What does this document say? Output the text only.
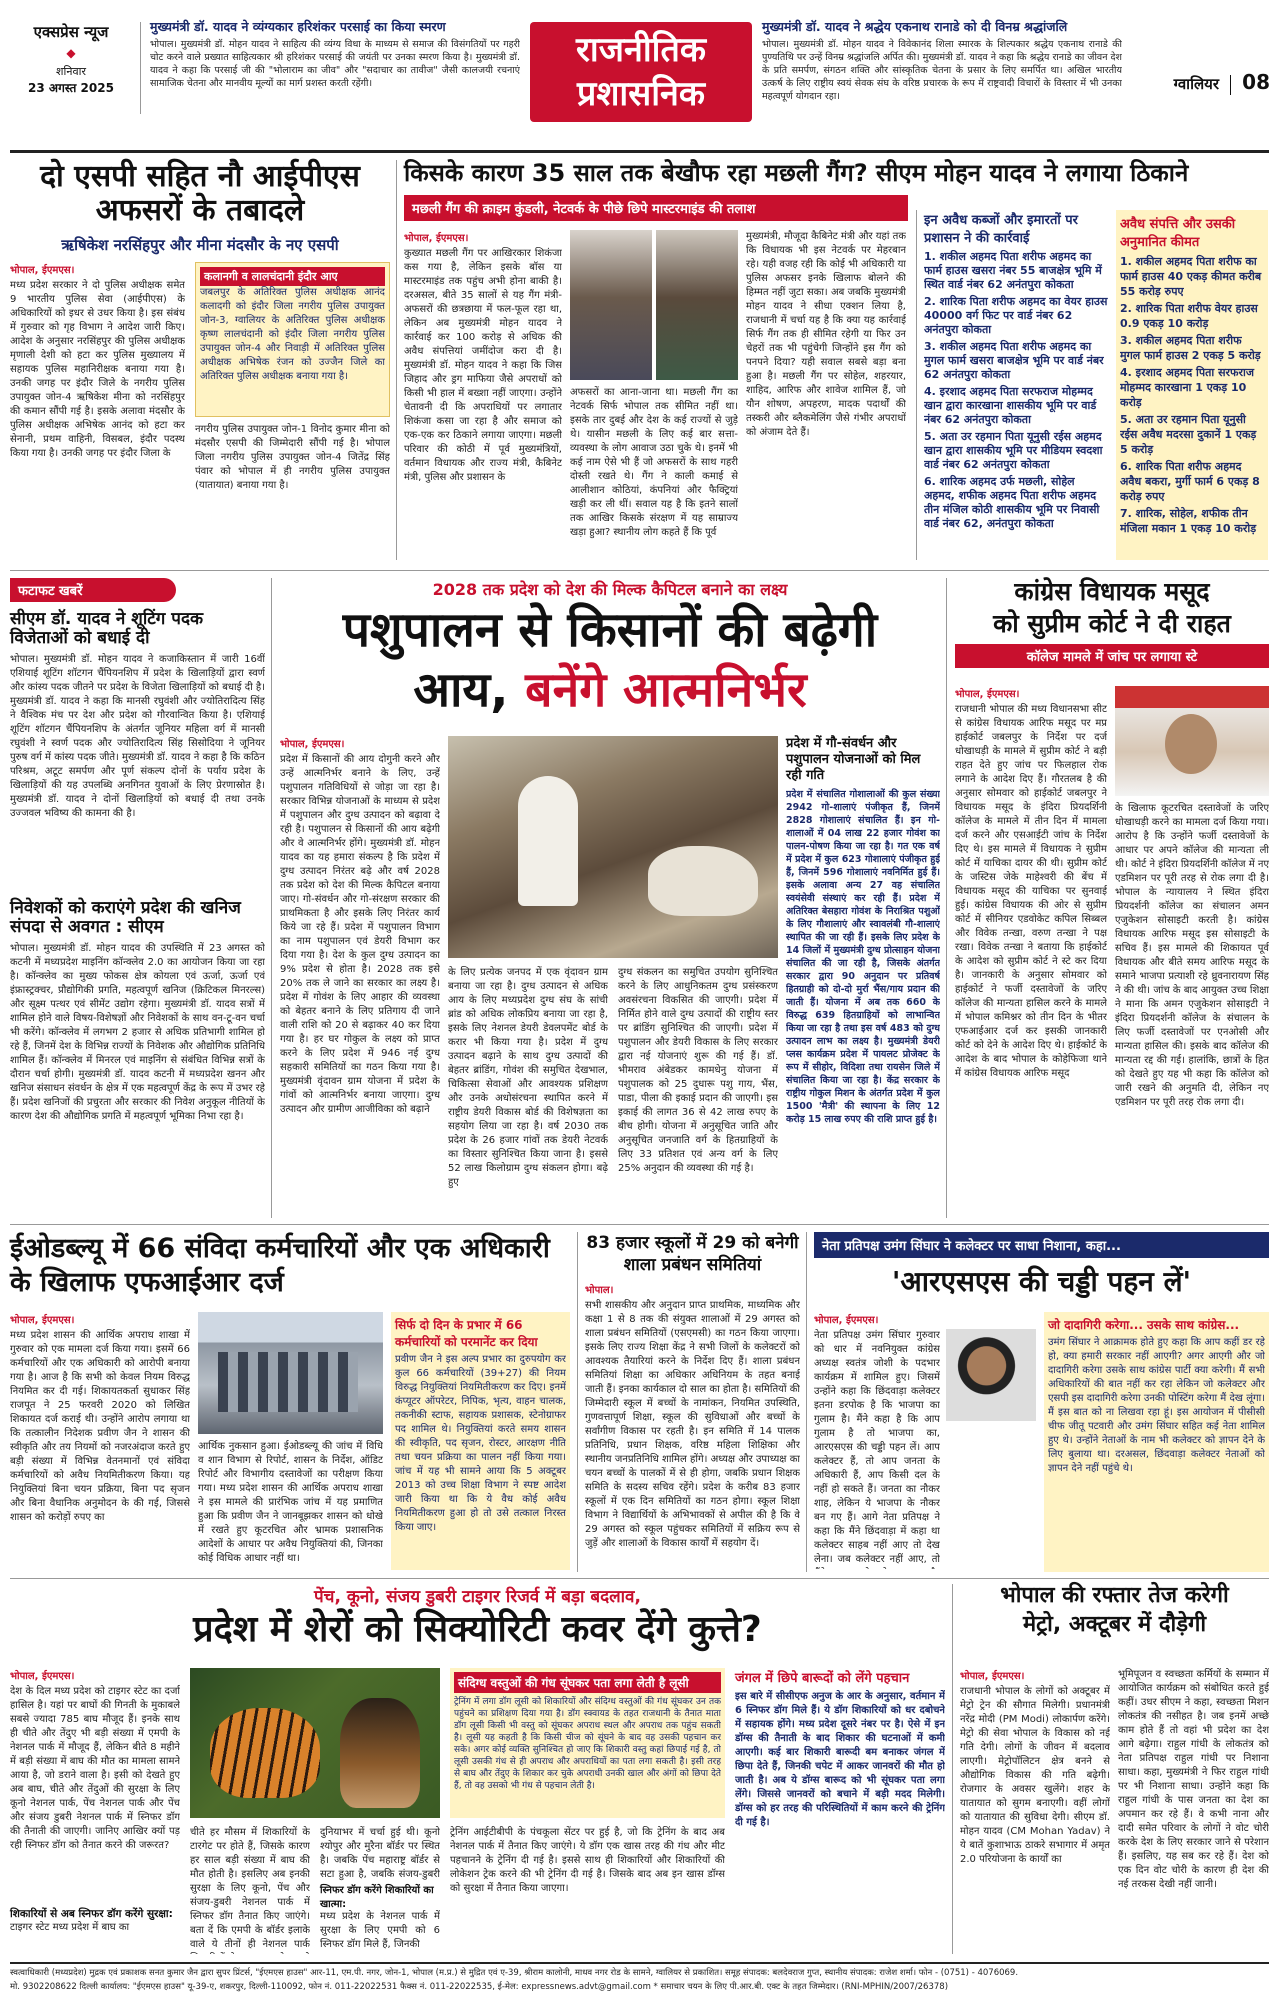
एक्सप्रेस न्यूज
◆
शनिवार
23 अगस्त 2025
मुख्यमंत्री डॉ. यादव ने व्यंग्यकार हरिशंकर परसाई का किया स्मरण
भोपाल। मुख्यमंत्री डॉ. मोहन यादव ने साहित्य की व्यंग्य विधा के माध्यम से समाज की विसंगतियों पर गहरी चोट करने वाले प्रख्यात साहित्यकार श्री हरिशंकर परसाई की जयंती पर उनका स्मरण किया है। मुख्यमंत्री डॉ. यादव ने कहा कि परसाई जी की "भोलाराम का जीव" और "सदाचार का तावीज" जैसी कालजयी रचनाएं सामाजिक चेतना और मानवीय मूल्यों का मार्ग प्रशस्त करती रहेंगी।
राजनीतिक
प्रशासनिक
मुख्यमंत्री डॉ. यादव ने श्रद्धेय एकनाथ रानाडे को दी विनम्र श्रद्धांजलि
भोपाल। मुख्यमंत्री डॉ. मोहन यादव ने विवेकानंद शिला स्मारक के शिल्पकार श्रद्धेय एकनाथ रानाडे की पुण्यतिथि पर उन्हें विनम्र श्रद्धांजलि अर्पित की। मुख्यमंत्री डॉ. यादव ने कहा कि श्रद्धेय रानाडे का जीवन देश के प्रति समर्पण, संगठन शक्ति और सांस्कृतिक चेतना के प्रसार के लिए समर्पित था। अखिल भारतीय उत्कर्ष के लिए राष्ट्रीय स्वयं सेवक संघ के वरिष्ठ प्रचारक के रूप में राष्ट्रवादी विचारों के विस्तार में भी उनका महत्वपूर्ण योगदान रहा।
ग्वालियर 08
दो एसपी सहित नौ आईपीएस अफसरों के तबादले
ऋषिकेश नरसिंहपुर और मीना मंदसौर के नए एसपी
भोपाल, ईएमएस।
मध्य प्रदेश सरकार ने दो पुलिस अधीक्षक समेत 9 भारतीय पुलिस सेवा (आईपीएस) के अधिकारियों को इधर से उधर किया है। इस संबंध में गुरुवार को गृह विभाग ने आदेश जारी किए। आदेश के अनुसार नरसिंहपुर की पुलिस अधीक्षक मृणाली देशी को हटा कर पुलिस मुख्यालय में सहायक पुलिस महानिरीक्षक बनाया गया है। उनकी जगह पर इंदौर जिले के नगरीय पुलिस उपायुक्त जोन-4 ऋषिकेश मीना को नरसिंहपुर की कमान सौंपी गई है। इसके अलावा मंदसौर के पुलिस अधीक्षक अभिषेक आनंद को हटा कर सेनानी, प्रथम वाहिनी, विसबल, इंदौर पदस्थ किया गया है। उनकी जगह पर इंदौर जिला के
कलानगी व लालचंदानी इंदौर आए
जबलपुर के अतिरिक्त पुलिस अधीक्षक आनंद कलादगी को इंदौर जिला नगरीय पुलिस उपायुक्त जोन-3, ग्वालियर के अतिरिक्त पुलिस अधीक्षक कृष्ण लालचंदानी को इंदौर जिला नगरीय पुलिस उपायुक्त जोन-4 और निवाड़ी में अतिरिक्त पुलिस अधीक्षक अभिषेक रंजन को उज्जैन जिले का अतिरिक्त पुलिस अधीक्षक बनाया गया है।
नगरीय पुलिस उपायुक्त जोन-1 विनोद कुमार मीना को मंदसौर एसपी की जिम्मेदारी सौंपी गई है। भोपाल जिला नगरीय पुलिस उपायुक्त जोन-4 जितेंद्र सिंह पंवार को भोपाल में ही नगरीय पुलिस उपायुक्त (यातायात) बनाया गया है।
किसके कारण 35 साल तक बेखौफ रहा मछली गैंग? सीएम मोहन यादव ने लगाया ठिकाने
मछली गैंग की क्राइम कुंडली, नेटवर्क के पीछे छिपे मास्टरमाइंड की तलाश
भोपाल, ईएमएस।
कुख्यात मछली गैंग पर आखिरकार शिकंजा कस गया है, लेकिन इसके बॉस या मास्टरमाइंड तक पहुंच अभी होना बाकी है। दरअसल, बीते 35 सालों से यह गैंग मंत्री-अफसरों की छत्रछाया में फल-फूल रहा था, लेकिन अब मुख्यमंत्री मोहन यादव ने कार्रवाई कर 100 करोड़ से अधिक की अवैध संपत्तियां जमींदोज करा दी है। मुख्यमंत्री डॉ. मोहन यादव ने कहा कि जिस जिहाद और ड्रग माफिया जैसे अपराधों को किसी भी हाल में बख्शा नहीं जाएगा। उन्होंने चेतावनी दी कि अपराधियों पर लगातार शिकंजा कसा जा रहा है और समाज को एक-एक कर ठिकाने लगाया जाएगा। मछली परिवार की कोठी में पूर्व मुख्यमंत्रियों, वर्तमान विधायक और राज्य मंत्री, कैबिनेट मंत्री, पुलिस और प्रशासन के
अफसरों का आना-जाना था। मछली गैंग का नेटवर्क सिर्फ भोपाल तक सीमित नहीं था। इसके तार दुबई और देश के कई राज्यों से जुड़े थे। यासीन मछली के लिए कई बार सत्ता-व्यवस्था के लोग आवाज उठा चुके थे। इनमें भी कई नाम ऐसे भी हैं जो अफसरों के साथ गहरी दोस्ती रखते थे। गैंग ने काली कमाई से आलीशान कोठियां, कंपनियां और फैक्ट्रियां खड़ी कर ली थीं। सवाल यह है कि इतने सालों तक आखिर किसके संरक्षण में यह साम्राज्य खड़ा हुआ? स्थानीय लोग कहते हैं कि पूर्व
मुख्यमंत्री, मौजूदा कैबिनेट मंत्री और यहां तक कि विधायक भी इस नेटवर्क पर मेहरबान रहे। यही वजह रही कि कोई भी अधिकारी या पुलिस अफसर इनके खिलाफ बोलने की हिम्मत नहीं जुटा सका। अब जबकि मुख्यमंत्री मोहन यादव ने सीधा एक्शन लिया है, राजधानी में चर्चा यह है कि क्या यह कार्रवाई सिर्फ गैंग तक ही सीमित रहेगी या फिर उन चेहरों तक भी पहुंचेगी जिन्होंने इस गैंग को पनपने दिया? यही सवाल सबसे बड़ा बना हुआ है। मछली गैंग पर सोहेल, शहरयार, शाहिद, आरिफ और शावेज शामिल हैं, जो यौन शोषण, अपहरण, मादक पदार्थों की तस्करी और ब्लैकमेलिंग जैसे गंभीर अपराधों को अंजाम देते हैं।
इन अवैध कब्जों और इमारतों पर प्रशासन ने की कार्रवाई
1. शकील अहमद पिता शरीफ अहमद का फार्म हाउस खसरा नंबर 55 बाजक्षेत्र भूमि में स्थित वार्ड नंबर 62 अनंतपुरा कोकता
2. शारिक पिता शरीफ अहमद का वेयर हाउस 40000 वर्ग फिट पर वार्ड नंबर 62 अनंतपुरा कोकता
3. शकील अहमद पिता शरीफ अहमद का मुगल फार्म खसरा बाजक्षेत्र भूमि पर वार्ड नंबर 62 अनंतपुरा कोकता
4. इरशाद अहमद पिता सरफराज मोहम्मद खान द्वारा कारखाना शासकीय भूमि पर वार्ड नंबर 62 अनंतपुरा कोकता
5. अता उर रहमान पिता यूनुसी रईस अहमद खान द्वारा शासकीय भूमि पर मीडियम स्वदशा वार्ड नंबर 62 अनंतपुरा कोकता
6. शारिक अहमद उर्फ मछली, सोहेल अहमद, शफीक अहमद पिता शरीफ अहमद तीन मंजिल कोठी शासकीय भूमि पर निवासी वार्ड नंबर 62, अनंतपुरा कोकता
अवैध संपत्ति और उसकी अनुमानित कीमत
1. शकील अहमद पिता शरीफ का फार्म हाउस 40 एकड़ कीमत करीब 55 करोड़ रुपए
2. शारिक पिता शरीफ वेयर हाउस 0.9 एकड़ 10 करोड़
3. शकील अहमद पिता शरीफ मुगल फार्म हाउस 2 एकड़ 5 करोड़
4. इरशाद अहमद पिता सरफराज मोहम्मद कारखाना 1 एकड़ 10 करोड़
5. अता उर रहमान पिता यूनुसी रईस अवैध मदरसा दुकानें 1 एकड़ 5 करोड़
6. शारिक पिता शरीफ अहमद अवैध बकरा, मुर्गी फार्म 6 एकड़ 8 करोड़ रुपए
7. शारिक, सोहेल, शफीक तीन मंजिला मकान 1 एकड़ 10 करोड़
फटाफट खबरें
सीएम डॉ. यादव ने शूटिंग पदक विजेताओं को बधाई दी
भोपाल। मुख्यमंत्री डॉ. मोहन यादव ने कजाकिस्तान में जारी 16वीं एशियाई शूटिंग शॉटगन चैंपियनशिप में प्रदेश के खिलाड़ियों द्वारा स्वर्ण और कांस्य पदक जीतने पर प्रदेश के विजेता खिलाड़ियों को बधाई दी है। मुख्यमंत्री डॉ. यादव ने कहा कि मानसी रघुवंशी और ज्योतिरादित्य सिंह ने वैश्विक मंच पर देश और प्रदेश को गौरवान्वित किया है। एशियाई शूटिंग शॉटगन चैंपियनशिप के अंतर्गत जूनियर महिला वर्ग में मानसी रघुवंशी ने स्वर्ण पदक और ज्योतिरादित्य सिंह सिसोदिया ने जूनियर पुरुष वर्ग में कांस्य पदक जीते। मुख्यमंत्री डॉ. यादव ने कहा है कि कठिन परिश्रम, अटूट समर्पण और पूर्ण संकल्प दोनों के पर्याय प्रदेश के खिलाड़ियों की यह उपलब्धि अनगिनत युवाओं के लिए प्रेरणास्रोत है। मुख्यमंत्री डॉ. यादव ने दोनों खिलाड़ियों को बधाई दी तथा उनके उज्जवल भविष्य की कामना की है।
निवेशकों को कराएंगे प्रदेश की खनिज संपदा से अवगत : सीएम
भोपाल। मुख्यमंत्री डॉ. मोहन यादव की उपस्थिति में 23 अगस्त को कटनी में मध्यप्रदेश माइनिंग कॉन्क्लेव 2.0 का आयोजन किया जा रहा है। कॉन्क्लेव का मुख्य फोकस क्षेत्र कोयला एवं ऊर्जा, ऊर्जा एवं इंफ्रास्ट्रक्चर, प्रौद्योगिकी प्रगति, महत्वपूर्ण खनिज (क्रिटिकल मिनरल्स) और सूक्ष्म पत्थर एवं सीमेंट उद्योग रहेगा। मुख्यमंत्री डॉ. यादव सत्रों में शामिल होने वाले विषय-विशेषज्ञों और निवेशकों के साथ वन-टू-वन चर्चा भी करेंगे। कॉन्क्लेव में लगभग 2 हजार से अधिक प्रतिभागी शामिल हो रहे हैं, जिनमें देश के विभिन्न राज्यों के निवेशक और औद्योगिक प्रतिनिधि शामिल हैं। कॉन्क्लेव में मिनरल एवं माइनिंग से संबंधित विभिन्न सत्रों के दौरान चर्चा होगी। मुख्यमंत्री डॉ. यादव कटनी में मध्यप्रदेश खनन और खनिज संसाधन संवर्धन के क्षेत्र में एक महत्वपूर्ण केंद्र के रूप में उभर रहे हैं। प्रदेश खनिजों की प्रचुरता और सरकार की निवेश अनुकूल नीतियों के कारण देश की औद्योगिक प्रगति में महत्वपूर्ण भूमिका निभा रहा है।
2028 तक प्रदेश को देश की मिल्क कैपिटल बनाने का लक्ष्य
पशुपालन से किसानों की बढ़ेगी
आय, बनेंगे आत्मनिर्भर
भोपाल, ईएमएस।
प्रदेश में किसानों की आय दोगुनी करने और उन्हें आत्मनिर्भर बनाने के लिए, उन्हें पशुपालन गतिविधियों से जोड़ा जा रहा है। सरकार विभिन्न योजनाओं के माध्यम से प्रदेश में पशुपालन और दुग्ध उत्पादन को बढ़ावा दे रही है। पशुपालन से किसानों की आय बढ़ेगी और वे आत्मनिर्भर होंगे। मुख्यमंत्री डॉ. मोहन यादव का यह हमारा संकल्प है कि प्रदेश में दुग्ध उत्पादन निरंतर बढ़े और वर्ष 2028 तक प्रदेश को देश की मिल्क कैपिटल बनाया जाए। गो-संवर्धन और गो-संरक्षण सरकार की प्राथमिकता है और इसके लिए निरंतर कार्य किये जा रहे हैं। प्रदेश में पशुपालन विभाग का नाम पशुपालन एवं डेयरी विभाग कर दिया गया है। देश के कुल दुग्ध उत्पादन का 9% प्रदेश से होता है। 2028 तक इसे 20% तक ले जाने का सरकार का लक्ष्य है। प्रदेश में गोवंश के लिए आहार की व्यवस्था को बेहतर बनाने के लिए प्रतिगाय दी जाने वाली राशि को 20 से बढ़ाकर 40 कर दिया गया है। हर घर गोकुल के लक्ष्य को प्राप्त करने के लिए प्रदेश में 946 नई दुग्ध सहकारी समितियों का गठन किया गया है। मुख्यमंत्री वृंदावन ग्राम योजना में प्रदेश के गांवों को आत्मनिर्भर बनाया जाएगा। दुग्ध उत्पादन और ग्रामीण आजीविका को बढ़ाने
के लिए प्रत्येक जनपद में एक वृंदावन ग्राम बनाया जा रहा है। दुग्ध उत्पादन से अधिक आय के लिए मध्यप्रदेश दुग्ध संघ के सांची ब्रांड को अधिक लोकप्रिय बनाया जा रहा है, इसके लिए नेशनल डेयरी डेवलपमेंट बोर्ड के करार भी किया गया है। प्रदेश में दुग्ध उत्पादन बढ़ाने के साथ दुग्ध उत्पादों की बेहतर ब्रांडिंग, गोवंश की समुचित देखभाल, चिकित्सा सेवाओं और आवश्यक प्रशिक्षण और उनके अधोसंरचना स्थापित करने में राष्ट्रीय डेयरी विकास बोर्ड की विशेषज्ञता का सहयोग लिया जा रहा है। वर्ष 2030 तक प्रदेश के 26 हजार गांवों तक डेयरी नेटवर्क का विस्तार सुनिश्चित किया जाना है। इससे 52 लाख किलोग्राम दुग्ध संकलन होगा। बढ़े हुए
दुग्ध संकलन का समुचित उपयोग सुनिश्चित करने के लिए आधुनिकतम दुग्ध प्रसंस्करण अवसंरचना विकसित की जाएगी। प्रदेश में निर्मित होने वाले दुग्ध उत्पादों की राष्ट्रीय स्तर पर ब्रांडिंग सुनिश्चित की जाएगी। प्रदेश में पशुपालन और डेयरी विकास के लिए सरकार द्वारा नई योजनाएं शुरू की गई हैं। डॉ. भीमराव अंबेडकर कामधेनु योजना में पशुपालक को 25 दुधारू पशु गाय, भैंस, पाडा, पीला की इकाई प्रदान की जाएगी। इस इकाई की लागत 36 से 42 लाख रुपए के बीच होगी। योजना में अनुसूचित जाति और अनुसूचित जनजाति वर्ग के हितग्राहियों के लिए 33 प्रतिशत एवं अन्य वर्ग के लिए 25% अनुदान की व्यवस्था की गई है।
प्रदेश में गौ-संवर्धन और पशुपालन योजनाओं को मिल रही गति
प्रदेश में संचालित गोशालाओं की कुल संख्या 2942 गो-शालाएं पंजीकृत हैं, जिनमें 2828 गोशालाएं संचालित हैं। इन गो-शालाओं में 04 लाख 22 हजार गोवंश का पालन-पोषण किया जा रहा है। गत एक वर्ष में प्रदेश में कुल 623 गोशालाएं पंजीकृत हुई हैं, जिनमें 596 गोशालाएं नवनिर्मित हुई हैं। इसके अलावा अन्य 27 वह संचालित स्वयंसेवी संस्थाएं कर रही हैं। प्रदेश में अतिरिक्त बेसहारा गोवंश के निराश्रित पशुओं के लिए गौशालाएं और स्वावलंबी गौ-शालाएं स्थापित की जा रही हैं। इसके लिए प्रदेश के 14 जिलों में मुख्यमंत्री दुग्ध प्रोत्साहन योजना संचालित की जा रही है, जिसके अंतर्गत सरकार द्वारा 90 अनुदान पर प्रतिवर्ष हितग्राही को दो-दो मुर्रा भैंस/गाय प्रदान की जाती हैं। योजना में अब तक 660 के विरुद्ध 639 हितग्राहियों को लाभान्वित किया जा रहा है तथा इस वर्ष 483 को दुग्ध उत्पादन लाभ का लक्ष्य है। मुख्यमंत्री डेयरी प्लस कार्यक्रम प्रदेश में पायलट प्रोजेक्ट के रूप में सीहोर, विदिशा तथा रायसेन जिले में संचालित किया जा रहा है। केंद्र सरकार के राष्ट्रीय गोकुल मिशन के अंतर्गत प्रदेश में कुल 1500 'मैत्री' की स्थापना के लिए 12 करोड़ 15 लाख रुपए की राशि प्राप्त हुई है।
कांग्रेस विधायक मसूद
को सुप्रीम कोर्ट ने दी राहत
कॉलेज मामले में जांच पर लगाया स्टे
भोपाल, ईएमएस।
राजधानी भोपाल की मध्य विधानसभा सीट से कांग्रेस विधायक आरिफ मसूद पर मप्र हाईकोर्ट जबलपुर के निर्देश पर दर्ज धोखाधड़ी के मामले में सुप्रीम कोर्ट ने बड़ी राहत देते हुए जांच पर फिलहाल रोक लगाने के आदेश दिए हैं। गौरतलब है की अनुसार सोमवार को हाईकोर्ट जबलपुर ने विधायक मसूद के इंदिरा प्रियदर्शिनी कॉलेज के मामले में तीन दिन में मामला दर्ज करने और एसआईटी जांच के निर्देश दिए थे। इस मामले में विधायक ने सुप्रीम कोर्ट में याचिका दायर की थी। सुप्रीम कोर्ट के जस्टिस जेके माहेश्वरी की बेंच में विधायक मसूद की याचिका पर सुनवाई हुई। कांग्रेस विधायक की ओर से सुप्रीम कोर्ट में सीनियर एडवोकेट कपिल सिब्बल और विवेक तन्खा, वरुण तन्खा ने पक्ष रखा। विवेक तन्खा ने बताया कि हाईकोर्ट के आदेश को सुप्रीम कोर्ट ने स्टे कर दिया है। जानकारी के अनुसार सोमवार को हाईकोर्ट ने फर्जी दस्तावेजों के जरिए कॉलेज की मान्यता हासिल करने के मामले में भोपाल कमिश्नर को तीन दिन के भीतर एफआईआर दर्ज कर इसकी जानकारी कोर्ट को देने के आदेश दिए थे। हाईकोर्ट के आदेश के बाद भोपाल के कोहेफिजा थाने में कांग्रेस विधायक आरिफ मसूद
के खिलाफ कूटरचित दस्तावेजों के जरिए धोखाधड़ी करने का मामला दर्ज किया गया। आरोप है कि उन्होंने फर्जी दस्तावेजों के आधार पर अपने कॉलेज की मान्यता ली थी। कोर्ट ने इंदिरा प्रियदर्शिनी कॉलेज में नए एडमिशन पर पूरी तरह से रोक लगा दी है। भोपाल के न्यायालय ने स्थित इंदिरा प्रियदर्शनी कॉलेज का संचालन अमन एजुकेशन सोसाइटी करती है। कांग्रेस विधायक आरिफ मसूद इस सोसाइटी के सचिव हैं। इस मामले की शिकायत पूर्व विधायक और बीते समय आरिफ मसूद के समाने भाजपा प्रत्याशी रहे ध्रुवनारायण सिंह ने की थी। जांच के बाद आयुक्त उच्च शिक्षा ने माना कि अमन एजुकेशन सोसाइटी ने इंदिरा प्रियदर्शनी कॉलेज के संचालन के लिए फर्जी दस्तावेजों पर एनओसी और मान्यता हासिल की। इसके बाद कॉलेज की मान्यता रद्द की गई। हालांकि, छात्रों के हित को देखते हुए यह भी कहा कि कॉलेज को जारी रखने की अनुमति दी, लेकिन नए एडमिशन पर पूरी तरह रोक लगा दी।
ईओडब्ल्यू में 66 संविदा कर्मचारियों और एक अधिकारी के खिलाफ एफआईआर दर्ज
भोपाल, ईएमएस।
मध्य प्रदेश शासन की आर्थिक अपराध शाखा में गुरुवार को एक मामला दर्ज किया गया। इसमें 66 कर्मचारियों और एक अधिकारी को आरोपी बनाया गया है। आज है कि सभी को केवल नियम विरुद्ध नियमित कर दी गई। शिकायतकर्ता सुधाकर सिंह राजपूत ने 25 फरवरी 2020 को लिखित शिकायत दर्ज कराई थी। उन्होंने आरोप लगाया था कि तत्कालीन निदेशक प्रवीण जैन ने शासन की स्वीकृति और तय नियमों को नजरअंदाज करते हुए बड़ी संख्या में विभिन्न वेतनमानों एवं संविदा कर्मचारियों को अवैध नियमितीकरण किया। यह नियुक्तियां बिना चयन प्रक्रिया, बिना पद सृजन और बिना वैधानिक अनुमोदन के की गई, जिससे शासन को करोड़ों रुपए का
आर्थिक नुकसान हुआ। ईओडब्ल्यू की जांच में विधि व शान विभाग से रिपोर्ट, शासन के निर्देश, ऑडिट रिपोर्ट और विभागीय दस्तावेजों का परीक्षण किया गया। मध्य प्रदेश शासन की आर्थिक अपराध शाखा ने इस मामले की प्रारंभिक जांच में यह प्रमाणित हुआ कि प्रवीण जैन ने जानबूझकर शासन को धोखे में रखते हुए कूटरचित और भ्रामक प्रशासनिक आदेशों के आधार पर अवैध नियुक्तियां की, जिनका कोई विधिक आधार नहीं था।
सिर्फ दो दिन के प्रभार में 66 कर्मचारियों को परमानेंट कर दिया
प्रवीण जैन ने इस अल्प प्रभार का दुरुपयोग कर कुल 66 कर्मचारियों (39+27) की नियम विरुद्ध नियुक्तियां नियमितीकरण कर दिए। इनमें कंप्यूटर ऑपरेटर, निपिक, भृत्य, वाहन चालक, तकनीकी स्टाफ, सहायक प्रशासक, स्टेनोग्राफर पद शामिल थे। नियुक्तियां करते समय शासन की स्वीकृति, पद सृजन, रोस्टर, आरक्षण नीति तथा चयन प्रक्रिया का पालन नहीं किया गया। जांच में यह भी सामने आया कि 5 अक्टूबर 2013 को उच्च शिक्षा विभाग ने स्पष्ट आदेश जारी किया था कि ये वैध कोई अवैध नियमितीकरण हुआ हो तो उसे तत्काल निरस्त किया जाए।
83 हजार स्कूलों में 29 को बनेगी शाला प्रबंधन समितियां
भोपाल।
सभी शासकीय और अनुदान प्राप्त प्राथमिक, माध्यमिक और कक्षा 1 से 8 तक की संयुक्त शालाओं में 29 अगस्त को शाला प्रबंधन समितियों (एसएमसी) का गठन किया जाएगा। इसके लिए राज्य शिक्षा केंद्र ने सभी जिलों के कलेक्टरों को आवश्यक तैयारियां करने के निर्देश दिए हैं। शाला प्रबंधन समितियां शिक्षा का अधिकार अधिनियम के तहत बनाई जाती हैं। इनका कार्यकाल दो साल का होता है। समितियों की जिम्मेदारी स्कूल में बच्चों के नामांकन, नियमित उपस्थिति, गुणवत्तापूर्ण शिक्षा, स्कूल की सुविधाओं और बच्चों के सर्वांगीण विकास पर रहती है। इन समिति में 14 पालक प्रतिनिधि, प्रधान शिक्षक, वरिष्ठ महिला शिक्षिका और स्थानीय जनप्रतिनिधि शामिल होंगे। अध्यक्ष और उपाध्यक्ष का चयन बच्चों के पालकों में से ही होगा, जबकि प्रधान शिक्षक समिति के सदस्य सचिव रहेंगे। प्रदेश के करीब 83 हजार स्कूलों में एक दिन समितियों का गठन होगा। स्कूल शिक्षा विभाग ने विद्यार्थियों के अभिभावकों से अपील की है कि वे 29 अगस्त को स्कूल पहुंचकर समितियों में सक्रिय रूप से जुड़ें और शालाओं के विकास कार्यों में सहयोग दें।
नेता प्रतिपक्ष उमंग सिंघार ने कलेक्टर पर साधा निशाना, कहा...
'आरएसएस की चड्डी पहन लें'
भोपाल, ईएमएस।
नेता प्रतिपक्ष उमंग सिंघार गुरुवार को धार में नवनियुक्त कांग्रेस अध्यक्ष स्वतंत्र जोशी के पदभार कार्यक्रम में शामिल हुए। जिसमें उन्होंने कहा कि छिंदवाड़ा कलेक्टर इतना डरपोक है कि भाजपा का गुलाम है। मैंने कहा है कि आप गुलाम है तो भाजपा का, आरएसएस की चड्डी पहन लें। आप कलेक्टर हैं, तो आप जनता के अधिकारी हैं, आप किसी दल के नहीं हो सकते हैं। जनता का नौकर शाह, लेकिन ये भाजपा के नौकर बन गए हैं। आगे नेता प्रतिपक्ष ने कहा कि मैंने छिंदवाड़ा में कहा था कलेक्टर साहब नहीं आए तो देख लेना। जब कलेक्टर नहीं आए, तो
जो दादागिरी करेगा... उसके साथ कांग्रेस...
उमंग सिंघार ने आक्रामक होते हुए कहा कि आप कहीं डर रहे हो, क्या हमारी सरकार नहीं आएगी? अगर आएगी और जो दादागिरी करेगा उसके साथ कांग्रेस पार्टी क्या करेगी। मैं सभी अधिकारियों की बात नहीं कर रहा लेकिन जो कलेक्टर और एसपी इस दादागिरी करेगा उनकी पोस्टिंग करेगा मैं देख लूंगा। मैं इस बात को ना लिखवा रहा हूं। इस आयोजन में पीसीसी चीफ जीतू पटवारी और उमंग सिंघार सहित कई नेता शामिल हुए थे। उन्होंने नेताओं के नाम भी कलेक्टर को ज्ञापन देने के लिए बुलाया था। दरअसल, छिंदवाड़ा कलेक्टर नेताओं को ज्ञापन देने नहीं पहुंचे थे।
पेंच, कूनो, संजय डुबरी टाइगर रिजर्व में बड़ा बदलाव,
प्रदेश में शेरों को सिक्योरिटी कवर देंगे कुत्ते?
भोपाल, ईएमएस।
देश के दिल मध्य प्रदेश को टाइगर स्टेट का दर्जा हासिल है। यहां पर बाघों की गिनती के मुकाबले सबसे ज्यादा 785 बाघ मौजूद हैं। इनके साथ ही चीते और तेंदुए भी बड़ी संख्या में एमपी के नेशनल पार्क में मौजूद हैं, लेकिन बीते 8 महीने में बड़ी संख्या में बाघ की मौत का मामला सामने आया है, जो डराने वाला है। इसी को देखते हुए अब बाघ, चीते और तेंदुओं की सुरक्षा के लिए कूनो नेशनल पार्क, पेंच नेशनल पार्क और पेंच और संजय डुबरी नेशनल पार्क में स्निफर डॉग की तैनाती की जाएगी। जानिए आखिर क्यों पड़ रही स्निफर डॉग को तैनात करने की जरूरत?
शिकारियों से अब स्निफर डॉग करेंगे सुरक्षा:
टाइगर स्टेट मध्य प्रदेश में बाघ का
चीते हर मौसम में शिकारियों के टारगेट पर होते हैं, जिसके कारण हर साल बड़ी संख्या में बाघ की मौत होती है। इसलिए अब इनकी सुरक्षा के लिए कूनो, पेंच और संजय-डुबरी नेशनल पार्क में स्निफर डॉग तैनात किए जाएंगे। बता दें कि एमपी के बॉर्डर इलाके वाले ये तीनों ही नेशनल पार्क
दुनियाभर में चर्चा हुई थी। कूनो श्योपुर और मुरैना बॉर्डर पर स्थित है। जबकि पेंच महाराष्ट्र बॉर्डर से सटा हुआ है, जबकि संजय-डुबरी
स्निफर डॉग करेंगे शिकारियों का खात्मा:
मध्य प्रदेश के नेशनल पार्क में सुरक्षा के लिए एमपी को 6 स्निफर डॉग मिले हैं, जिनकी
संदिग्ध वस्तुओं की गंध सूंघकर पता लगा लेती है लूसी
ट्रेनिंग में लगा डॉग लूसी को शिकारियों और संदिग्ध वस्तुओं की गंध सूंघकर उन तक पहुंचने का प्रशिक्षण दिया गया है। डॉग स्क्वायड के तहत राजधानी के तैनात माता डॉग लूसी किसी भी वस्तु को सूंघकर अपराध स्थल और अपराध तक पहुंच सकती है। लूसी यह कहती है कि किसी चीज को सूंघने के बाद वह उसकी पहचान कर सके। अगर कोई व्यक्ति सुनिश्चित हो जाए कि शिकारी वस्तु कहां छिपाई गई है, तो लूसी उसकी गंध से ही अपराध और अपराधियों का पता लगा सकती है। इसी तरह से बाघ और तेंदुए के शिकार कर चुके अपराधी उनकी खाल और अंगों को छिपा देते हैं, तो वह उसको भी गंध से पहचान लेती है।
ट्रेनिंग आईटीबीपी के पंचकूला सेंटर पर हुई है, जो कि ट्रेनिंग के बाद अब नेशनल पार्क में तैनात किए जाएंगे। ये डॉग एक खास तरह की गंध और मीट पहचानने के ट्रेनिंग दी गई है। इससे साथ ही शिकारियों और शिकारियों की लोकेशन ट्रेक करने की भी ट्रेनिंग दी गई है। जिसके बाद अब इन खास डॉग्स को सुरक्षा में तैनात किया जाएगा।
जंगल में छिपे बारूदों को लेंगे पहचान
इस बारे में सीसीएफ अनुज के आर के अनुसार, वर्तमान में 6 स्निफर डॉग मिले हैं। ये डॉग शिकारियों को धर दबोचने में सहायक होंगे। मध्य प्रदेश दूसरे नंबर पर है। ऐसे में इन डॉग्स की तैनाती के बाद शिकार की घटनाओं में कमी आएगी। कई बार शिकारी बारूदी बम बनाकर जंगल में छिपा देते हैं, जिनकी चपेट में आकर जानवरों की मौत हो जाती है। अब ये डॉग्स बारूद को भी सूंघकर पता लगा लेंगे। जिससे जानवरों को बचाने में बड़ी मदद मिलेगी। डॉग्स को हर तरह की परिस्थितियों में काम करने की ट्रेनिंग दी गई है।
भोपाल की रफ्तार तेज करेगी
मेट्रो, अक्टूबर में दौड़ेगी
भोपाल, ईएमएस।
राजधानी भोपाल के लोगों को अक्टूबर में मेट्रो ट्रेन की सौगात मिलेगी। प्रधानमंत्री नरेंद्र मोदी (PM Modi) लोकार्पण करेंगे। मेट्रो की सेवा भोपाल के विकास को नई गति देगी। लोगों के जीवन में बदलाव लाएगी। मेट्रोपॉलिटन क्षेत्र बनने से औद्योगिक विकास की गति बढ़ेगी। रोजगार के अवसर खुलेंगे। शहर के यातायात को सुगम बनाएगी। वहीं लोगों को यातायात की सुविधा देगी। सीएम डॉ. मोहन यादव (CM Mohan Yadav) ने ये बातें कुशाभाऊ ठाकरे सभागार में अमृत 2.0 परियोजना के कार्यों का
भूमिपूजन व स्वच्छता कर्मियों के सम्मान में आयोजित कार्यक्रम को संबोधित करते हुई कहीं। उधर सीएम ने कहा, स्वच्छता मिशन लोकतंत्र की नसीहत है। जब इनमें अच्छे काम होते हैं तो वहां भी प्रदेश का देश आगे बढ़ेगा। राहुल गांधी के लोकतंत्र को नेता प्रतिपक्ष राहुल गांधी पर निशाना साधा। कहा, मुख्यमंत्री ने फिर राहुल गांधी पर भी निशाना साधा। उन्होंने कहा कि राहुल गांधी के पास जनता का देश का अपमान कर रहे हैं। वे कभी नाना और दादी समेत परिवार के लोगों ने वोट चोरी करके देश के लिए सरकार जाने से परेशान हैं। इसलिए, यह सब कर रहे हैं। देश को एक दिन वोट चोरी के कारण ही देश की नई तरकस देखी नहीं जानी।
स्वत्वाधिकारी (मध्यप्रदेश) मुद्रक एवं प्रकाशक सनत कुमार जैन द्वारा सुपर प्रिंटर्स, "ईएमएस हाउस" आर-11, एम.पी. नगर, जोन-1, भोपाल (म.प्र.) से मुद्रित एवं ए-39, श्रीराम कालोनी, माधव नगर रोड के सामने, ग्वालियर से प्रकाशित। समूह संपादक: बलदेवराज गुप्त, स्थानीय संपादक: राजेश शर्मा। फोन - (0751) - 4076069.
मो. 9302208622 दिल्ली कार्यालय: "ईएमएस हाउस" यू-39-ए, शकरपुर, दिल्ली-110092, फोन नं. 011-22022531 फैक्स नं. 011-22022535, ई-मेल: expressnews.advt@gmail.com * समाचार चयन के लिए पी.आर.बी. एक्ट के तहत जिम्मेदार। (RNI-MPHIN/2007/26378)
